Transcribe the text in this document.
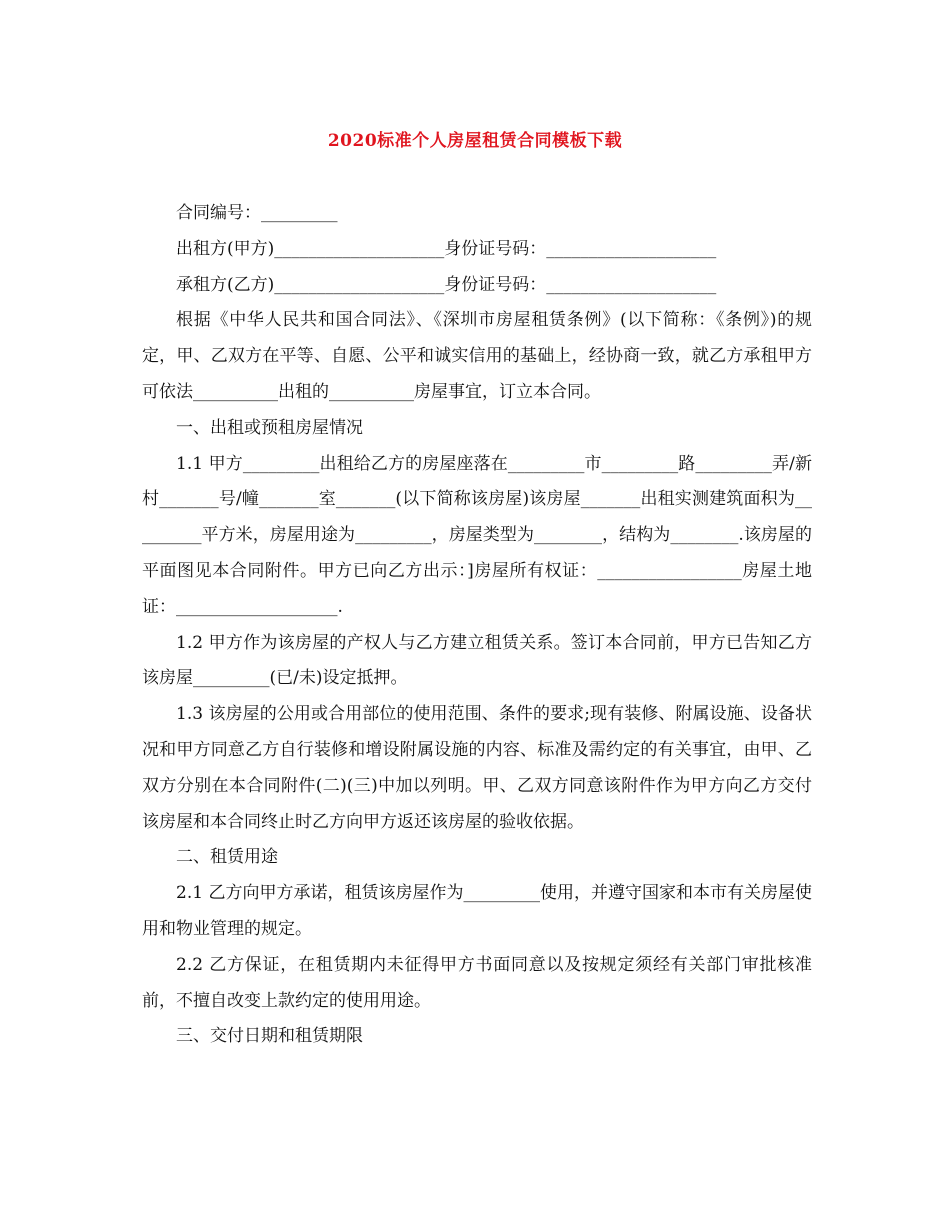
2020标准个人房屋租赁合同模板下载

合同编号：_________

出租方(甲方)____________________身份证号码：____________________

承租方(乙方)____________________身份证号码：____________________

根据《中华人民共和国合同法》、《深圳市房屋租赁条例》(以下简称：《条例》)的规定，甲、乙双方在平等、自愿、公平和诚实信用的基础上，经协商一致，就乙方承租甲方可依法__________出租的__________房屋事宜，订立本合同。

一、出租或预租房屋情况

1.1 甲方_________出租给乙方的房屋座落在_________市_________路_________弄/新村_______号/幢_______室_______(以下简称该房屋)该房屋_______出租实测建筑面积为_________平方米，房屋用途为_________，房屋类型为________，结构为________.该房屋的平面图见本合同附件。甲方已向乙方出示：]房屋所有权证：_________________房屋土地证：___________________.

1.2 甲方作为该房屋的产权人与乙方建立租赁关系。签订本合同前，甲方已告知乙方该房屋_________(已/未)设定抵押。

1.3 该房屋的公用或合用部位的使用范围、条件的要求;现有装修、附属设施、设备状况和甲方同意乙方自行装修和增设附属设施的内容、标准及需约定的有关事宜，由甲、乙双方分别在本合同附件(二)(三)中加以列明。甲、乙双方同意该附件作为甲方向乙方交付该房屋和本合同终止时乙方向甲方返还该房屋的验收依据。

二、租赁用途

2.1 乙方向甲方承诺，租赁该房屋作为_________使用，并遵守国家和本市有关房屋使用和物业管理的规定。

2.2 乙方保证，在租赁期内未征得甲方书面同意以及按规定须经有关部门审批核准前，不擅自改变上款约定的使用用途。

三、交付日期和租赁期限
